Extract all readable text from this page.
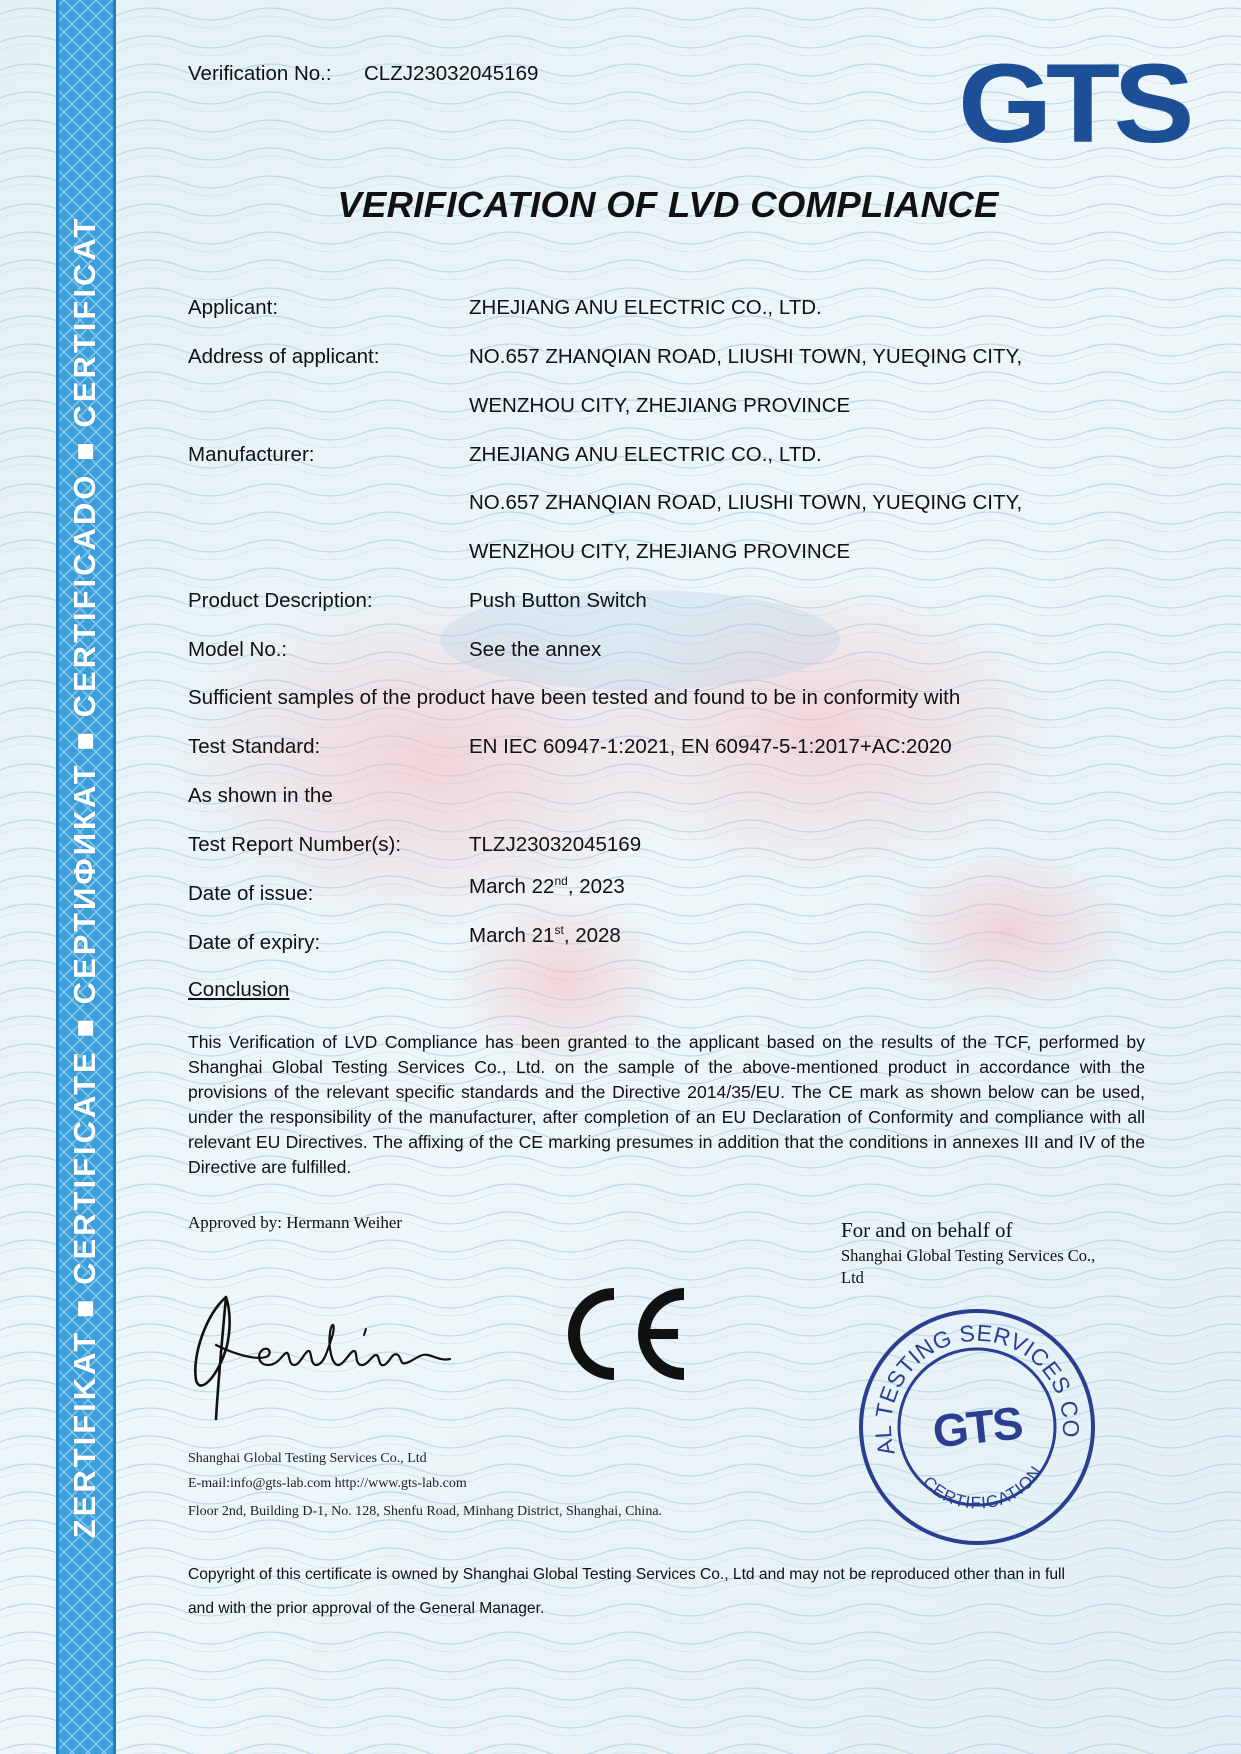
ZERTIFIKAT ■ CERTIFICATE ■ СЕРТИФИКАТ ■ CERTIFICADO ■ CERTIFICAT
GTS
Verification No.: CLZJ23032045169
VERIFICATION OF LVD COMPLIANCE
Applicant:	ZHEJIANG ANU ELECTRIC CO., LTD.
Address of applicant:	NO.657 ZHANQIAN ROAD, LIUSHI TOWN, YUEQING CITY,
WENZHOU CITY, ZHEJIANG PROVINCE
Manufacturer:	ZHEJIANG ANU ELECTRIC CO., LTD.
NO.657 ZHANQIAN ROAD, LIUSHI TOWN, YUEQING CITY,
WENZHOU CITY, ZHEJIANG PROVINCE
Product Description:	Push Button Switch
Model No.:	See the annex
Sufficient samples of the product have been tested and found to be in conformity with
Test Standard:	EN IEC 60947-1:2021, EN 60947-5-1:2017+AC:2020
As shown in the
Test Report Number(s):	TLZJ23032045169
Date of issue:	March 22nd, 2023
Date of expiry:	March 21st, 2028
Conclusion
This Verification of LVD Compliance has been granted to the applicant based on the results of the TCF, performed by Shanghai Global Testing Services Co., Ltd. on the sample of the above-mentioned product in accordance with the provisions of the relevant specific standards and the Directive 2014/35/EU. The CE mark as shown below can be used, under the responsibility of the manufacturer, after completion of an EU Declaration of Conformity and compliance with all relevant EU Directives. The affixing of the CE marking presumes in addition that the conditions in annexes III and IV of the Directive are fulfilled.
Approved by: Hermann Weiher	For and on behalf of
Shanghai Global Testing Services Co.,
Ltd
GLOBAL TESTING SERVICES CO.,LTD.
CERTIFICATION
GTS
Shanghai Global Testing Services Co., Ltd
E-mail:info@gts-lab.com http://www.gts-lab.com
Floor 2nd, Building D-1, No. 128, Shenfu Road, Minhang District, Shanghai, China.
Copyright of this certificate is owned by Shanghai Global Testing Services Co., Ltd and may not be reproduced other than in full
and with the prior approval of the General Manager.
